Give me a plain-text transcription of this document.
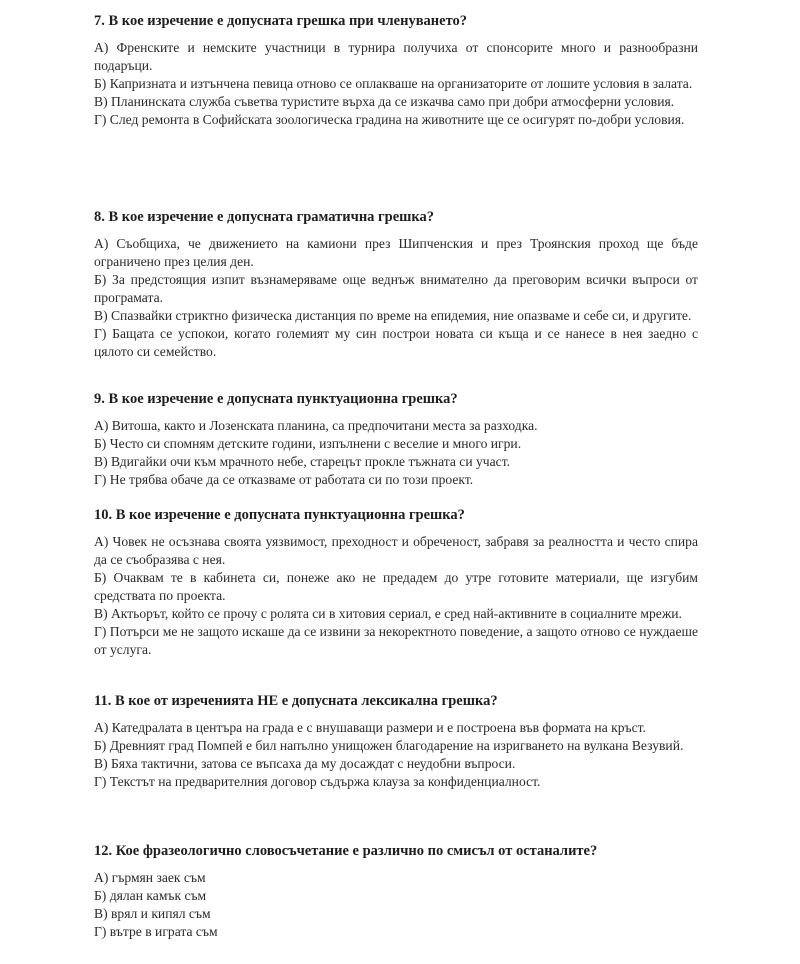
7. В кое изречение е допусната грешка при членуването?

А) Френските и немските участници в турнира получиха от спонсорите много и разнообразни подаръци.

Б) Капризната и изтънчена певица отново се оплакваше на организаторите от лошите условия в залата.

В) Планинската служба съветва туристите върха да се изкачва само при добри атмосферни условия.

Г) След ремонта в Софийската зоологическа градина на животните ще се осигурят по-добри условия.

8. В кое изречение е допусната граматична грешка?

А) Съобщиха, че движението на камиони през Шипченския и през Троянския проход ще бъде ограничено през целия ден.

Б) За предстоящия изпит възнамеряваме още веднъж внимателно да преговорим всички въпроси от програмата.

В) Спазвайки стриктно физическа дистанция по време на епидемия, ние опазваме и себе си, и другите.

Г) Бащата се успокои, когато големият му син построи новата си къща и се нанесе в нея заедно с цялото си семейство.

9. В кое изречение е допусната пунктуационна грешка?

А) Витоша, както и Лозенската планина, са предпочитани места за разходка.

Б) Често си спомням детските години, изпълнени с веселие и много игри.

В) Вдигайки очи към мрачното небе, старецът прокле тъжната си участ.

Г) Не трябва обаче да се отказваме от работата си по този проект.

10. В кое изречение е допусната пунктуационна грешка?

А) Човек не осъзнава своята уязвимост, преходност и обреченост, забравя за реалността и често спира да се съобразява с нея.

Б) Очаквам те в кабинета си, понеже ако не предадем до утре готовите материали, ще изгубим средствата по проекта.

В) Актьорът, който се прочу с ролята си в хитовия сериал, е сред най-активните в социалните мрежи.

Г) Потърси ме не защото искаше да се извини за некоректното поведение, а защото отново се нуждаеше от услуга.

11. В кое от изреченията НЕ е допусната лексикална грешка?

А) Катедралата в центъра на града е с внушаващи размери и е построена във формата на кръст.

Б) Древният град Помпей е бил напълно унищожен благодарение на изригването на вулкана Везувий.

В) Бяха тактични, затова се въпсаха да му досаждат с неудобни въпроси.

Г) Текстът на предварителния договор съдържа клауза за конфиденциалност.

12. Кое фразеологично словосъчетание е различно по смисъл от останалите?

А) гърмян заек съм

Б) дялан камък съм

В) врял и кипял съм

Г) вътре в играта съм
